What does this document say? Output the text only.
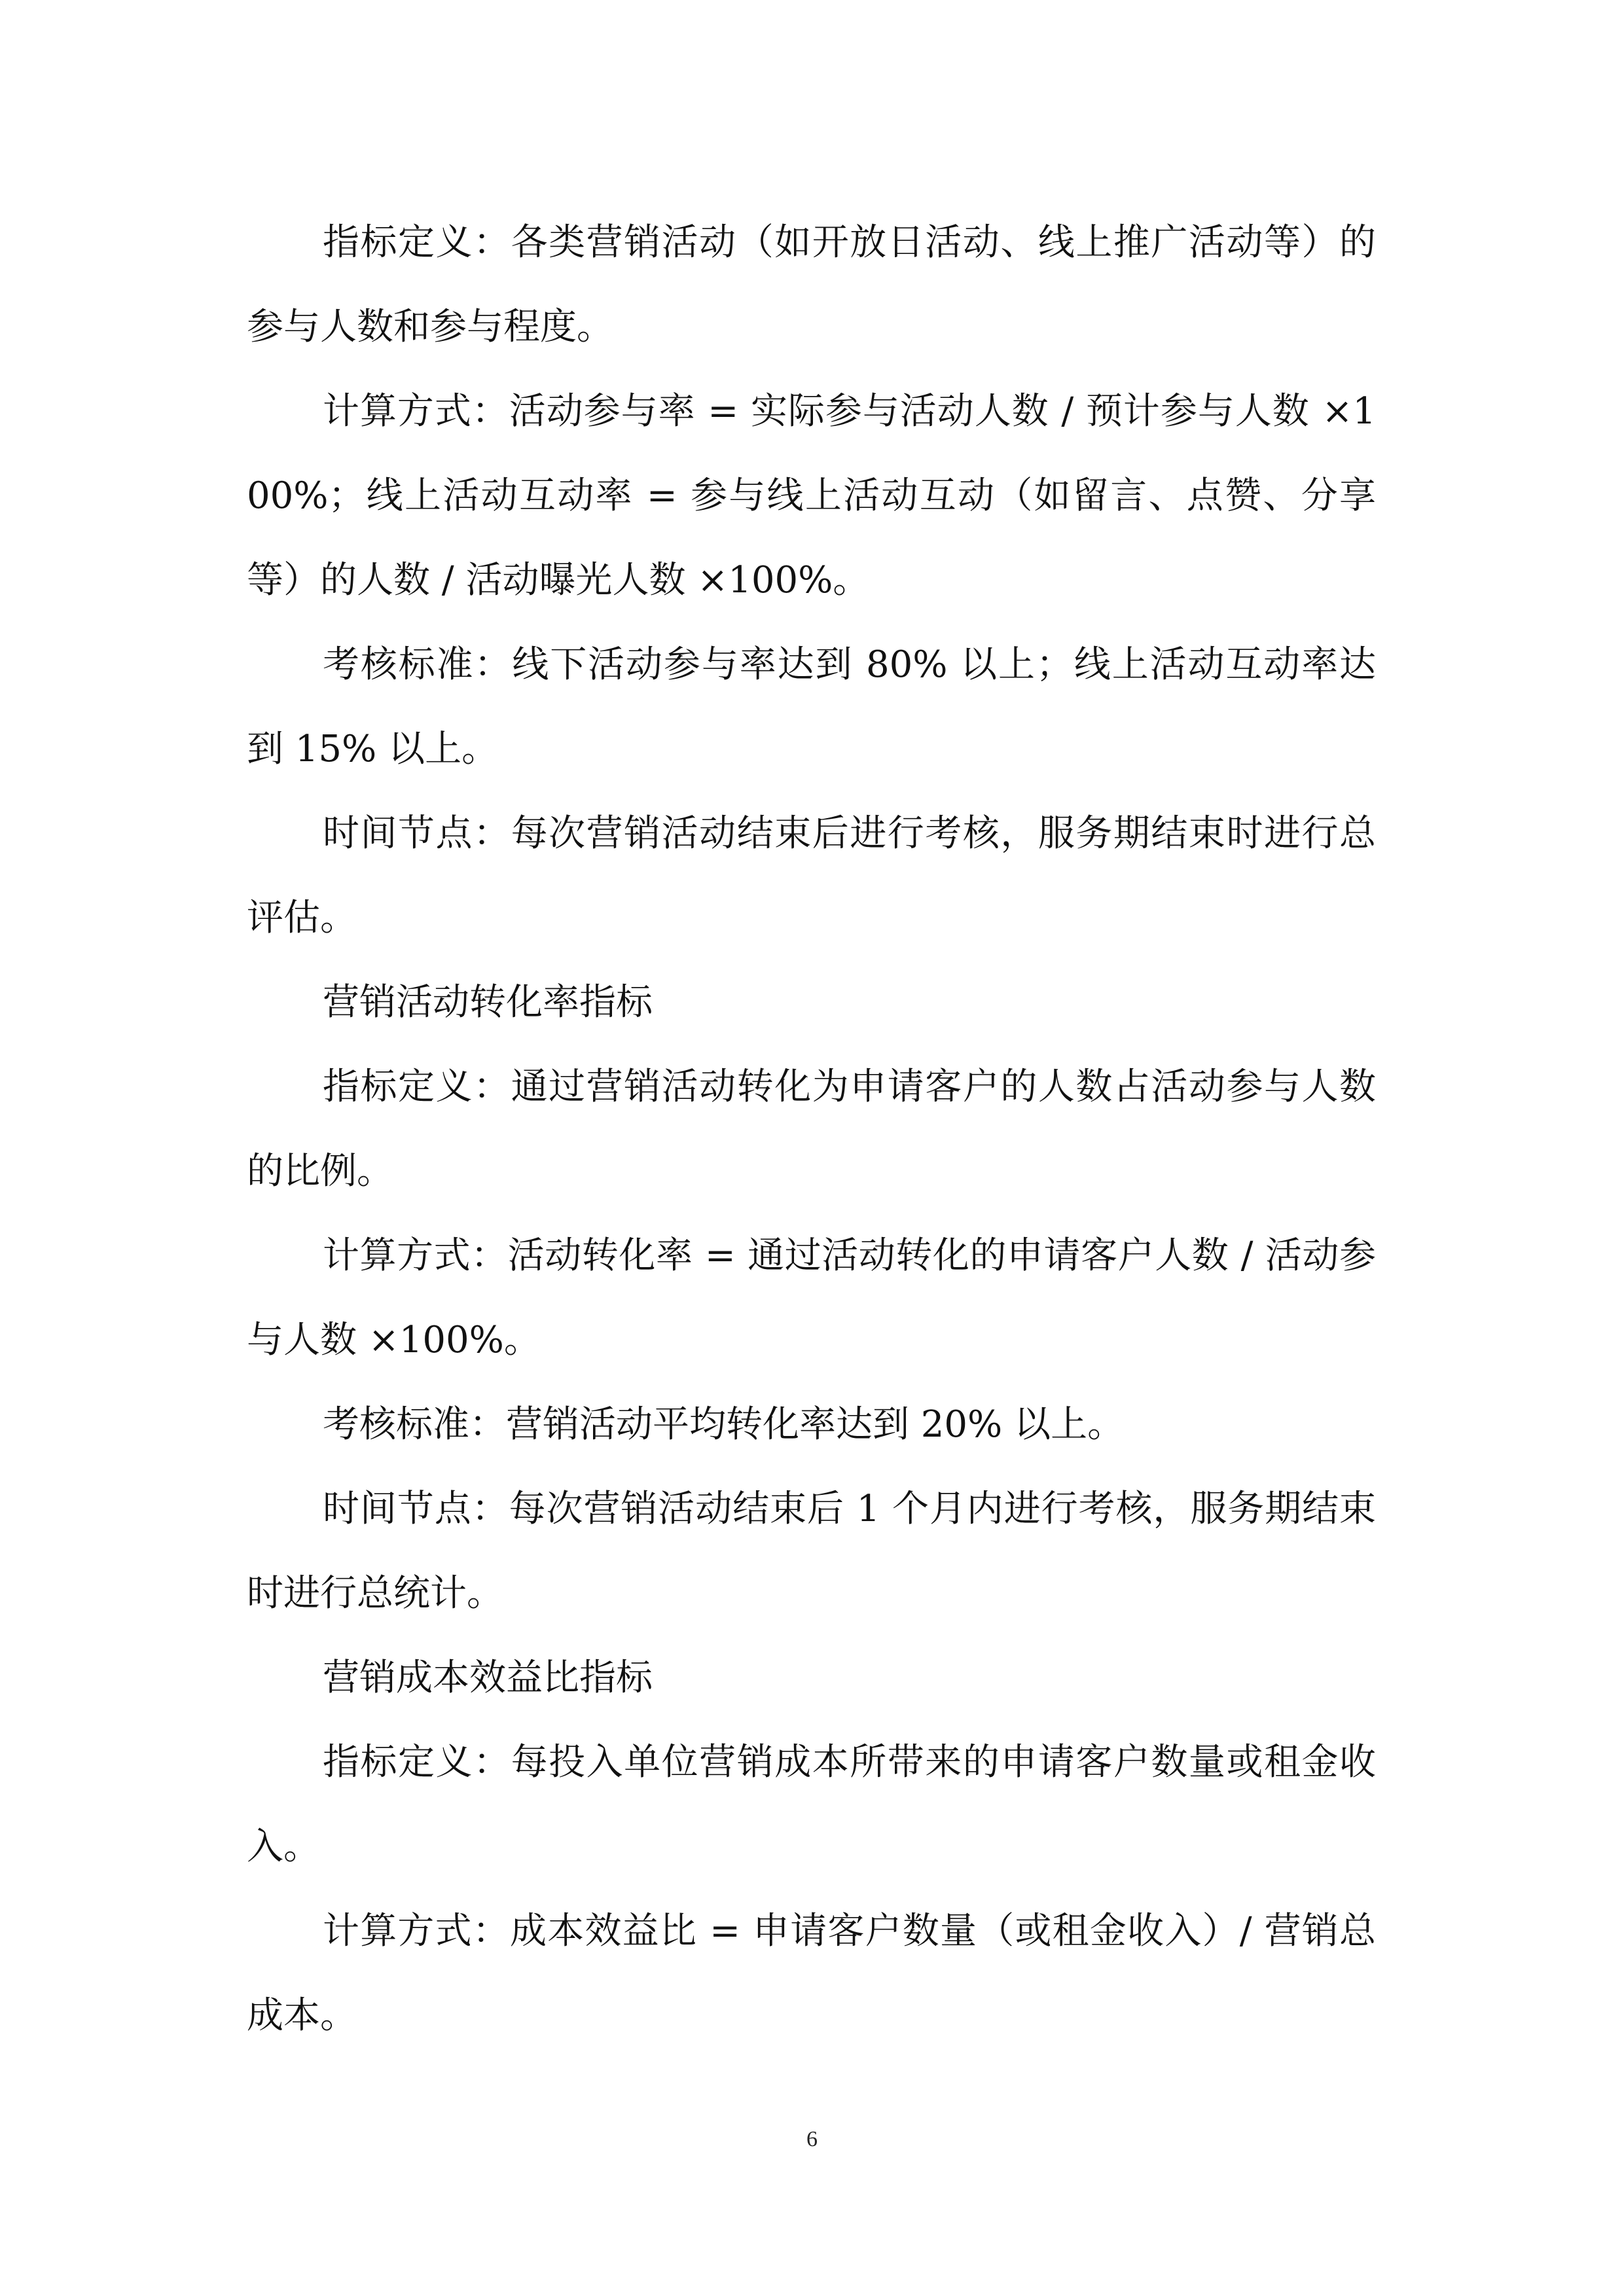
指标定义：各类营销活动（如开放日活动、线上推广活动等）的参与人数和参与程度。

计算方式：活动参与率 = 实际参与活动人数 / 预计参与人数 ×100%；线上活动互动率 = 参与线上活动互动（如留言、点赞、分享等）的人数 / 活动曝光人数 ×100%。

考核标准：线下活动参与率达到 80% 以上；线上活动互动率达到 15% 以上。

时间节点：每次营销活动结束后进行考核，服务期结束时进行总评估。

营销活动转化率指标

指标定义：通过营销活动转化为申请客户的人数占活动参与人数的比例。

计算方式：活动转化率 = 通过活动转化的申请客户人数 / 活动参与人数 ×100%。

考核标准：营销活动平均转化率达到 20% 以上。

时间节点：每次营销活动结束后 1 个月内进行考核，服务期结束时进行总统计。

营销成本效益比指标

指标定义：每投入单位营销成本所带来的申请客户数量或租金收入。

计算方式：成本效益比 = 申请客户数量（或租金收入）/ 营销总成本。

6
